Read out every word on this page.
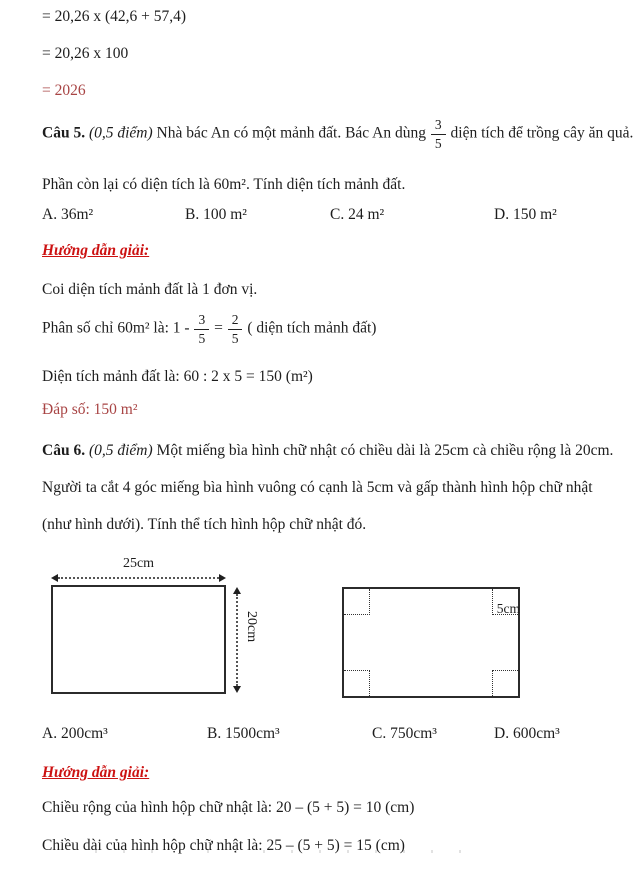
= 20,26 x (42,6 + 57,4)

= 20,26 x 100

= 2026

Câu 5. (0,5 điểm) Nhà bác An có một mảnh đất. Bác An dùng $\frac{3}{5}$ diện tích để trồng cây ăn quả.

Phần còn lại có diện tích là 60m². Tính diện tích mảnh đất.

A. 36m²	B. 100 m²	C. 24 m²	D. 150 m²

Hướng dẫn giải:

Coi diện tích mảnh đất là 1 đơn vị.

Phân số chỉ 60m² là: $1 - \frac{3}{5} = \frac{2}{5}$ ( diện tích mảnh đất)

Diện tích mảnh đất là: 60 : 2 x 5 = 150 (m²)

Đáp số: 150 m²

Câu 6. (0,5 điểm) Một miếng bìa hình chữ nhật có chiều dài là 25cm cà chiều rộng là 20cm.

Người ta cắt 4 góc miếng bìa hình vuông có cạnh là 5cm và gấp thành hình hộp chữ nhật

(như hình dưới). Tính thể tích hình hộp chữ nhật đó.

25cm
20cm
5cm

A. 200cm³	B. 1500cm³	C. 750cm³	D. 600cm³

Hướng dẫn giải:

Chiều rộng của hình hộp chữ nhật là: 20 – (5 + 5) = 10 (cm)

Chiều dài của hình hộp chữ nhật là: 25 – (5 + 5) = 15 (cm)
